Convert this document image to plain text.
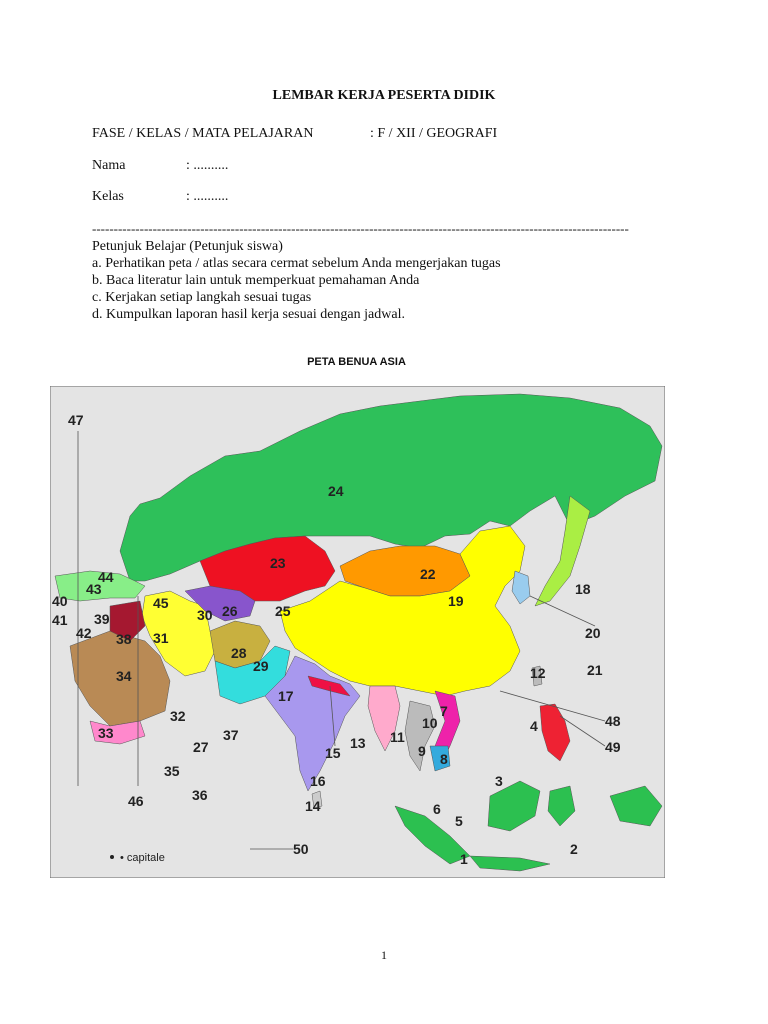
LEMBAR KERJA PESERTA DIDIK
FASE / KELAS / MATA PELAJARAN	: F / XII / GEOGRAFI
Nama	: ..........
Kelas	: ..........
----------------------------------------------------------------------------------------------------------------------------
Petunjuk Belajar (Petunjuk siswa)
a. Perhatikan peta / atlas secara cermat sebelum Anda mengerjakan tugas
b. Baca literatur lain untuk memperkuat pemahaman Anda
c. Kerjakan setiap langkah sesuai tugas
d. Kumpulkan laporan hasil kerja sesuai dengan jadwal.
PETA BENUA ASIA
1
2
3
4
5
6
7
8
9
10
11
12
13
14
15
16
17
18
19
20
21
22
23
24
25
26
27
28
29
30
31
32
33
34
35
36
37
38
39
40
41
42
43
44
45
46
47
48
49
50
• capitale
1
